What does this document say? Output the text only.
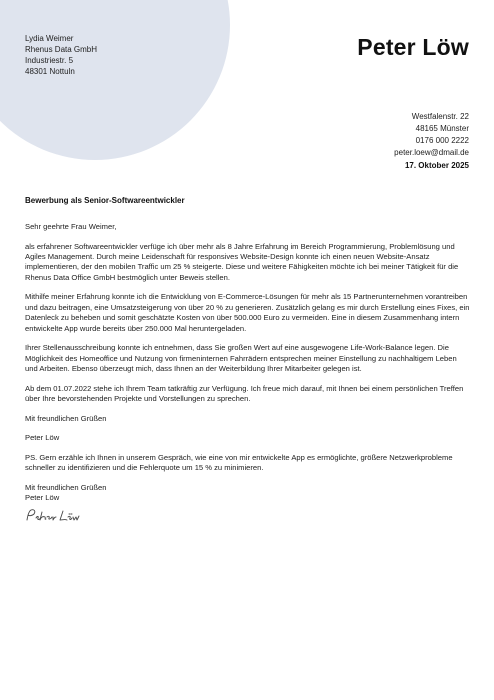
Lydia Weimer
Rhenus Data GmbH
Industriestr. 5
48301 Nottuln
Peter Löw
Westfalenstr. 22
48165 Münster
0176 000 2222
peter.loew@dmail.de
17. Oktober 2025
Bewerbung als Senior-Softwareentwickler

Sehr geehrte Frau Weimer,

als erfahrener Softwareentwickler verfüge ich über mehr als 8 Jahre Erfahrung im Bereich Programmierung, Problemlösung und Agiles Management. Durch meine Leidenschaft für responsives Website-Design konnte ich einen neuen Website-Ansatz implementieren, der den mobilen Traffic um 25 % steigerte. Diese und weitere Fähigkeiten möchte ich bei meiner Tätigkeit für die Rhenus Data Office GmbH bestmöglich unter Beweis stellen.

Mithilfe meiner Erfahrung konnte ich die Entwicklung von E-Commerce-Lösungen für mehr als 15 Partnerunternehmen vorantreiben und dazu beitragen, eine Umsatzsteigerung von über 20 % zu generieren. Zusätzlich gelang es mir durch Erstellung eines Fixes, ein Datenleck zu beheben und somit geschätzte Kosten von über 500.000 Euro zu vermeiden. Eine in diesem Zusammenhang intern entwickelte App wurde bereits über 250.000 Mal heruntergeladen.

Ihrer Stellenausschreibung konnte ich entnehmen, dass Sie großen Wert auf eine ausgewogene Life-Work-Balance legen. Die Möglichkeit des Homeoffice und Nutzung von firmeninternen Fahrrädern entsprechen meiner Einstellung zu nachhaltigem Leben und Arbeiten. Ebenso überzeugt mich, dass Ihnen an der Weiterbildung Ihrer Mitarbeiter gelegen ist.

Ab dem 01.07.2022 stehe ich Ihrem Team tatkräftig zur Verfügung. Ich freue mich darauf, mit Ihnen bei einem persönlichen Treffen über Ihre bevorstehenden Projekte und Vorstellungen zu sprechen.

Mit freundlichen Grüßen

Peter Löw

PS. Gern erzähle ich Ihnen in unserem Gespräch, wie eine von mir entwickelte App es ermöglichte, größere Netzwerkprobleme schneller zu identifizieren und die Fehlerquote um 15 % zu minimieren.

Mit freundlichen Grüßen

Peter Löw
